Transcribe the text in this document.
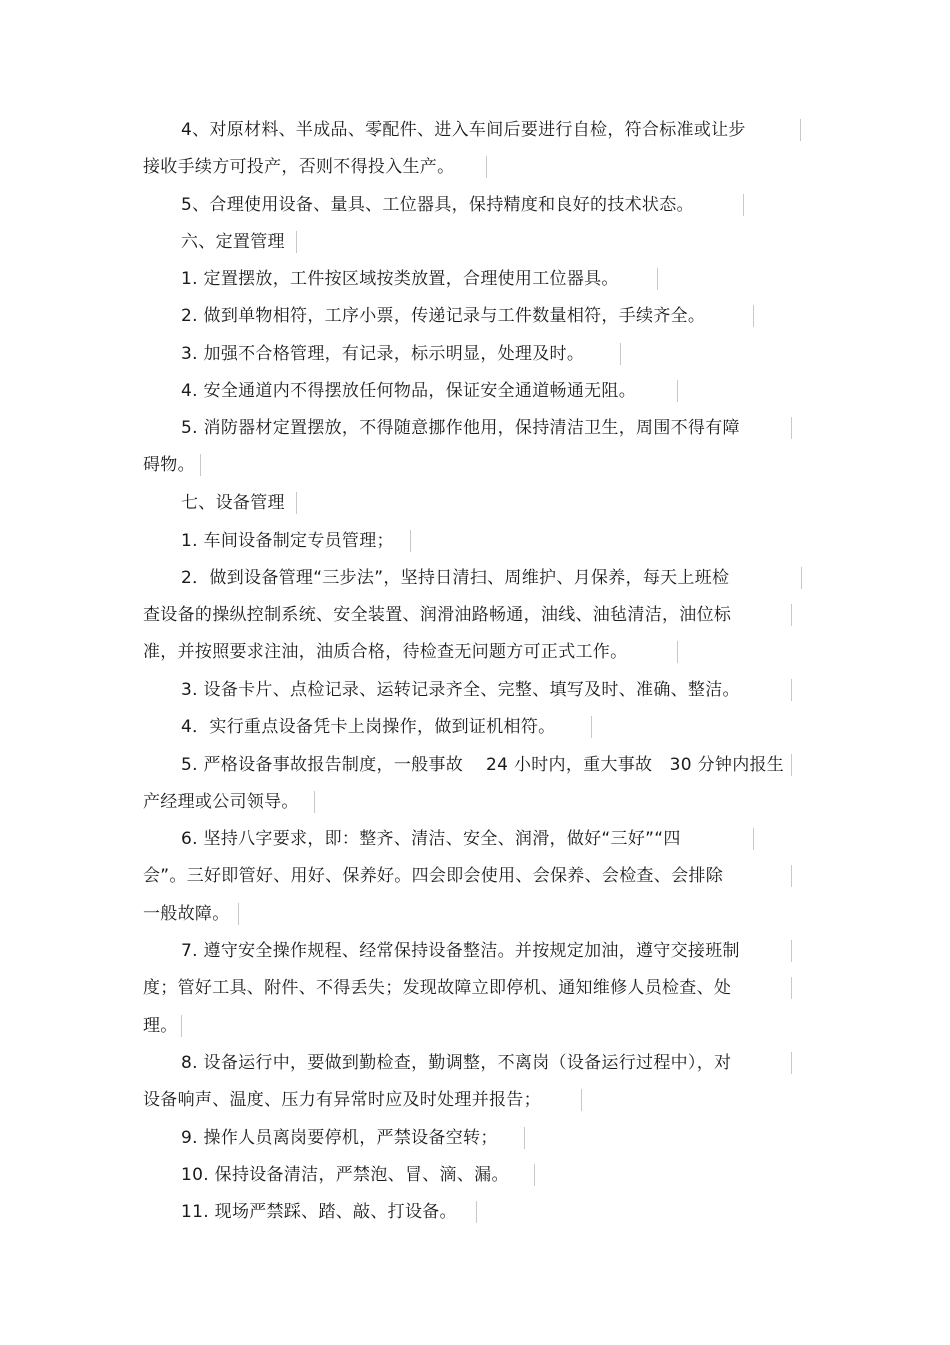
4、对原材料、半成品、零配件、进入车间后要进行自检，符合标准或让步
接收手续方可投产，否则不得投入生产。
5、合理使用设备、量具、工位器具，保持精度和良好的技术状态。
六、定置管理
1. 定置摆放，工件按区域按类放置，合理使用工位器具。
2. 做到单物相符，工序小票，传递记录与工件数量相符，手续齐全。
3. 加强不合格管理，有记录，标示明显，处理及时。
4. 安全通道内不得摆放任何物品，保证安全通道畅通无阻。
5. 消防器材定置摆放，不得随意挪作他用，保持清洁卫生，周围不得有障
碍物。
七、设备管理
1. 车间设备制定专员管理；
2．做到设备管理“三步法”，坚持日清扫、周维护、月保养，每天上班检
查设备的操纵控制系统、安全装置、润滑油路畅通，油线、油毡清洁，油位标
准，并按照要求注油，油质合格，待检查无问题方可正式工作。
3. 设备卡片、点检记录、运转记录齐全、完整、填写及时、准确、整洁。
4．实行重点设备凭卡上岗操作，做到证机相符。
5. 严格设备事故报告制度，一般事故　 24 小时内，重大事故　30 分钟内报生
产经理或公司领导。
6. 坚持八字要求，即：整齐、清洁、安全、润滑，做好“三好”“四
会”。三好即管好、用好、保养好。四会即会使用、会保养、会检查、会排除
一般故障。
7. 遵守安全操作规程、经常保持设备整洁。并按规定加油，遵守交接班制
度；管好工具、附件、不得丢失；发现故障立即停机、通知维修人员检查、处
理。
8. 设备运行中，要做到勤检查，勤调整，不离岗（设备运行过程中），对
设备响声、温度、压力有异常时应及时处理并报告；
9. 操作人员离岗要停机，严禁设备空转；
10. 保持设备清洁，严禁泡、冒、滴、漏。
11. 现场严禁踩、踏、敲、打设备。
